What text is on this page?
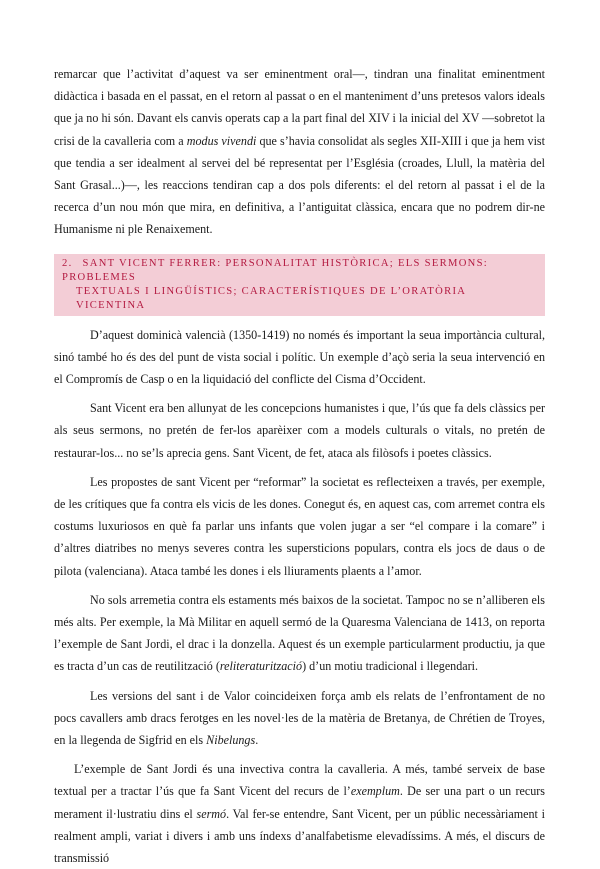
remarcar que l’activitat d’aquest va ser eminentment oral—, tindran una finalitat eminentment didàctica i basada en el passat, en el retorn al passat o en el manteniment d’uns pretesos valors ideals que ja no hi són. Davant els canvis operats cap a la part final del XIV i la inicial del XV —sobretot la crisi de la cavalleria com a modus vivendi que s’havia consolidat als segles XII-XIII i que ja hem vist que tendia a ser idealment al servei del bé representat per l’Església (croades, Llull, la matèria del Sant Grasal...)—, les reaccions tendiran cap a dos pols diferents: el del retorn al passat i el de la recerca d’un nou món que mira, en definitiva, a l’antiguitat clàssica, encara que no podrem dir-ne Humanisme ni ple Renaixement.

2. SANT VICENT FERRER: PERSONALITAT HISTÒRICA; ELS SERMONS: PROBLEMES
TEXTUALS I LINGÜÍSTICS; CARACTERÍSTIQUES DE L’ORATÒRIA VICENTINA

D’aquest dominicà valencià (1350-1419) no només és important la seua importància cultural, sinó també ho és des del punt de vista social i polític. Un exemple d’açò seria la seua intervenció en el Compromís de Casp o en la liquidació del conflicte del Cisma d’Occident.

Sant Vicent era ben allunyat de les concepcions humanistes i que, l’ús que fa dels clàssics per als seus sermons, no pretén de fer-los aparèixer com a models culturals o vitals, no pretén de restaurar-los... no se’ls aprecia gens. Sant Vicent, de fet, ataca als filòsofs i poetes clàssics.

Les propostes de sant Vicent per “reformar” la societat es reflecteixen a través, per exemple, de les crítiques que fa contra els vicis de les dones. Conegut és, en aquest cas, com arremet contra els costums luxuriosos en què fa parlar uns infants que volen jugar a ser “el compare i la comare” i d’altres diatribes no menys severes contra les supersticions populars, contra els jocs de daus o de pilota (valenciana). Ataca també les dones i els lliuraments plaents a l’amor.

No sols arremetia contra els estaments més baixos de la societat. Tampoc no se n’alliberen els més alts. Per exemple, la Mà Militar en aquell sermó de la Quaresma Valenciana de 1413, on reporta l’exemple de Sant Jordi, el drac i la donzella. Aquest és un exemple particularment productiu, ja que es tracta d’un cas de reutilització (reliteraturització) d’un motiu tradicional i llegendari.

Les versions del sant i de Valor coincideixen força amb els relats de l’enfrontament de no pocs cavallers amb dracs ferotges en les novel·les de la matèria de Bretanya, de Chrétien de Troyes, en la llegenda de Sigfrid en els Nibelungs.

L’exemple de Sant Jordi és una invectiva contra la cavalleria. A més, també serveix de base textual per a tractar l’ús que fa Sant Vicent del recurs de l’exemplum. De ser una part o un recurs merament il·lustratiu dins el sermó. Val fer-se entendre, Sant Vicent, per un públic necessàriament i realment ampli, variat i divers i amb uns índexs d’analfabetisme elevadíssims. A més, el discurs de transmissió
